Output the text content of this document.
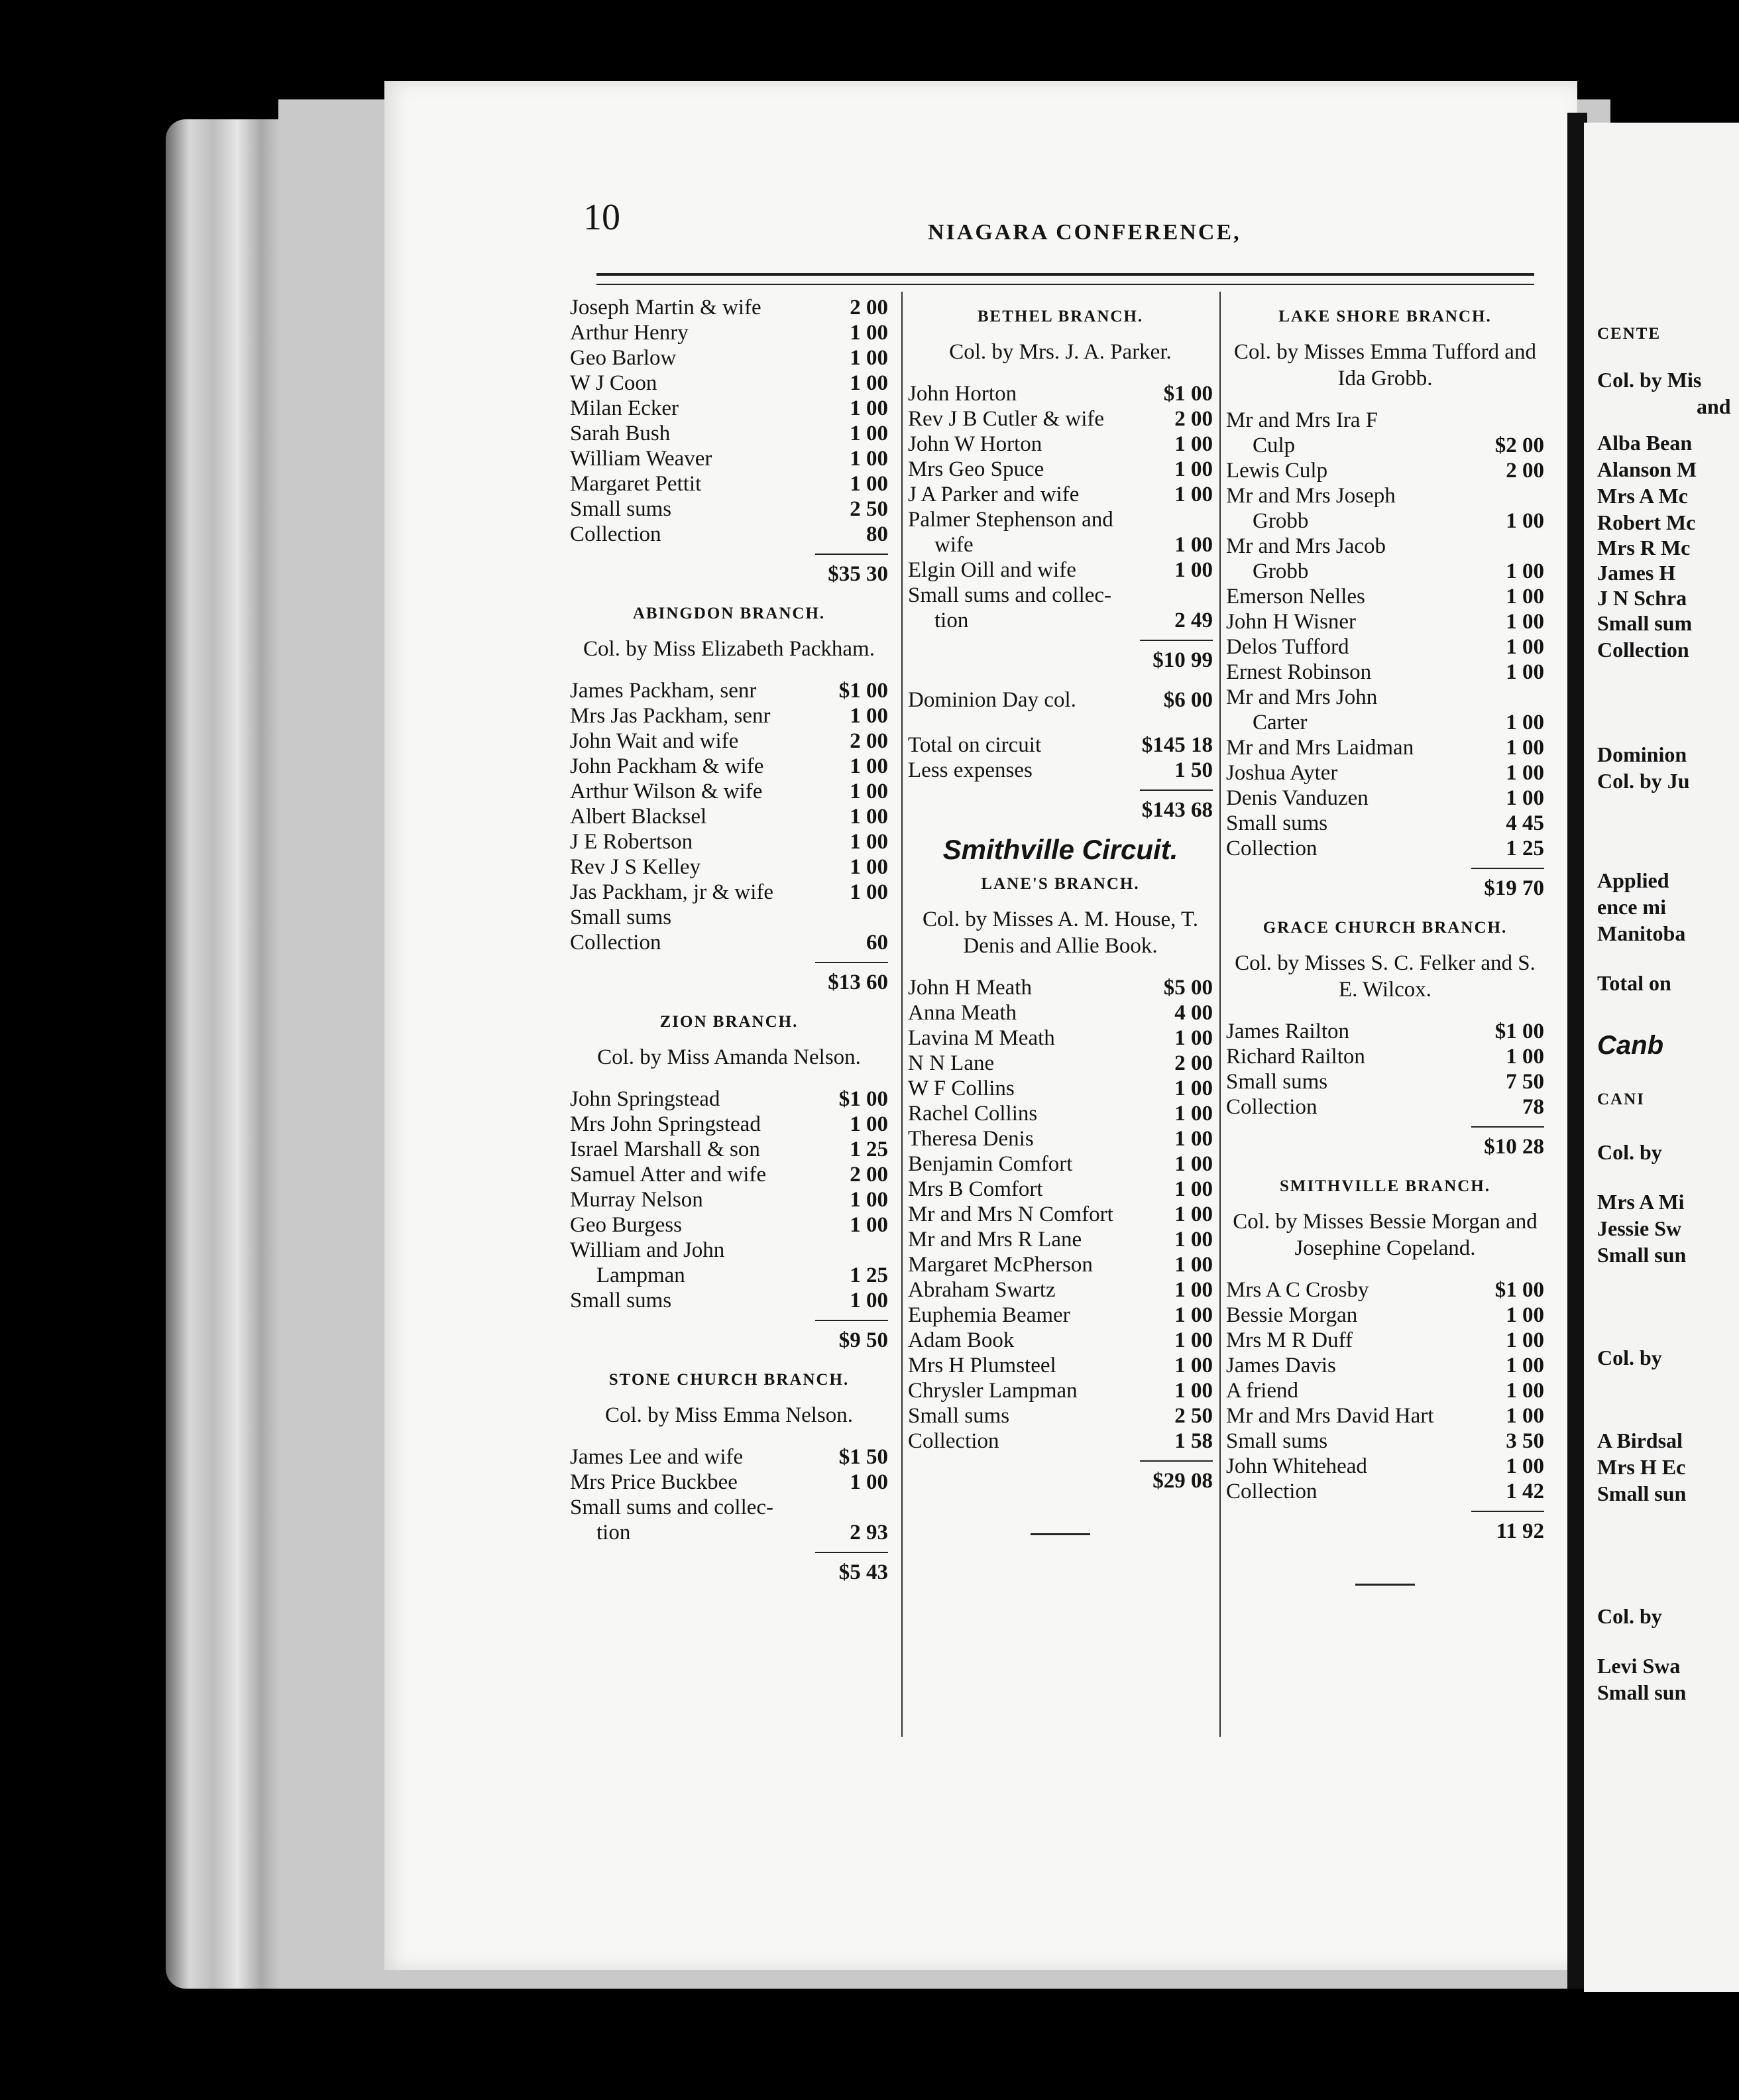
CENTE
Col. by Mis
and
Alba Bean
Alanson M
Mrs A Mc
Robert Mc
Mrs R Mc
James H
J N Schra
Small sum
Collection
Dominion
Col. by Ju
Applied
ence mi
Manitoba
Total on
Canb
CANI
Col. by
Mrs A Mi
Jessie Sw
Small sun
Col. by
A Birdsal
Mrs H Ec
Small sun
Col. by
Levi Swa
Small sun
10	NIAGARA CONFERENCE,
Joseph Martin & wife	2 00
Arthur Henry	1 00
Geo Barlow	1 00
W J Coon	1 00
Milan Ecker	1 00
Sarah Bush	1 00
William Weaver	1 00
Margaret Pettit	1 00
Small sums	2 50
Collection	80
$35 30
ABINGDON BRANCH.
Col. by Miss Elizabeth Packham.
James Packham, senr	$1 00
Mrs Jas Packham, senr	1 00
John Wait and wife	2 00
John Packham & wife	1 00
Arthur Wilson & wife	1 00
Albert Blacksel	1 00
J E Robertson	1 00
Rev J S Kelley	1 00
Jas Packham, jr & wife	1 00
Small sums
Collection	60
$13 60
ZION BRANCH.
Col. by Miss Amanda Nelson.
John Springstead	$1 00
Mrs John Springstead	1 00
Israel Marshall & son	1 25
Samuel Atter and wife	2 00
Murray Nelson	1 00
Geo Burgess	1 00
William and John
Lampman	1 25
Small sums	1 00
$9 50
STONE CHURCH BRANCH.
Col. by Miss Emma Nelson.
James Lee and wife	$1 50
Mrs Price Buckbee	1 00
Small sums and collec-
tion	2 93
$5 43
BETHEL BRANCH.
Col. by Mrs. J. A. Parker.
John Horton	$1 00
Rev J B Cutler & wife	2 00
John W Horton	1 00
Mrs Geo Spuce	1 00
J A Parker and wife	1 00
Palmer Stephenson and
wife	1 00
Elgin Oill and wife	1 00
Small sums and collec-
tion	2 49
$10 99
Dominion Day col.	$6 00
Total on circuit	$145 18
Less expenses	1 50
$143 68
Smithville Circuit.
LANE'S BRANCH.
Col. by Misses A. M. House, T. Denis and Allie Book.
John H Meath	$5 00
Anna Meath	4 00
Lavina M Meath	1 00
N N Lane	2 00
W F Collins	1 00
Rachel Collins	1 00
Theresa Denis	1 00
Benjamin Comfort	1 00
Mrs B Comfort	1 00
Mr and Mrs N Comfort	1 00
Mr and Mrs R Lane	1 00
Margaret McPherson	1 00
Abraham Swartz	1 00
Euphemia Beamer	1 00
Adam Book	1 00
Mrs H Plumsteel	1 00
Chrysler Lampman	1 00
Small sums	2 50
Collection	1 58
$29 08
LAKE SHORE BRANCH.
Col. by Misses Emma Tufford and Ida Grobb.
Mr and Mrs Ira F
Culp	$2 00
Lewis Culp	2 00
Mr and Mrs Joseph
Grobb	1 00
Mr and Mrs Jacob
Grobb	1 00
Emerson Nelles	1 00
John H Wisner	1 00
Delos Tufford	1 00
Ernest Robinson	1 00
Mr and Mrs John
Carter	1 00
Mr and Mrs Laidman	1 00
Joshua Ayter	1 00
Denis Vanduzen	1 00
Small sums	4 45
Collection	1 25
$19 70
GRACE CHURCH BRANCH.
Col. by Misses S. C. Felker and S. E. Wilcox.
James Railton	$1 00
Richard Railton	1 00
Small sums	7 50
Collection	78
$10 28
SMITHVILLE BRANCH.
Col. by Misses Bessie Morgan and Josephine Copeland.
Mrs A C Crosby	$1 00
Bessie Morgan	1 00
Mrs M R Duff	1 00
James Davis	1 00
A friend	1 00
Mr and Mrs David Hart	1 00
Small sums	3 50
John Whitehead	1 00
Collection	1 42
11 92
